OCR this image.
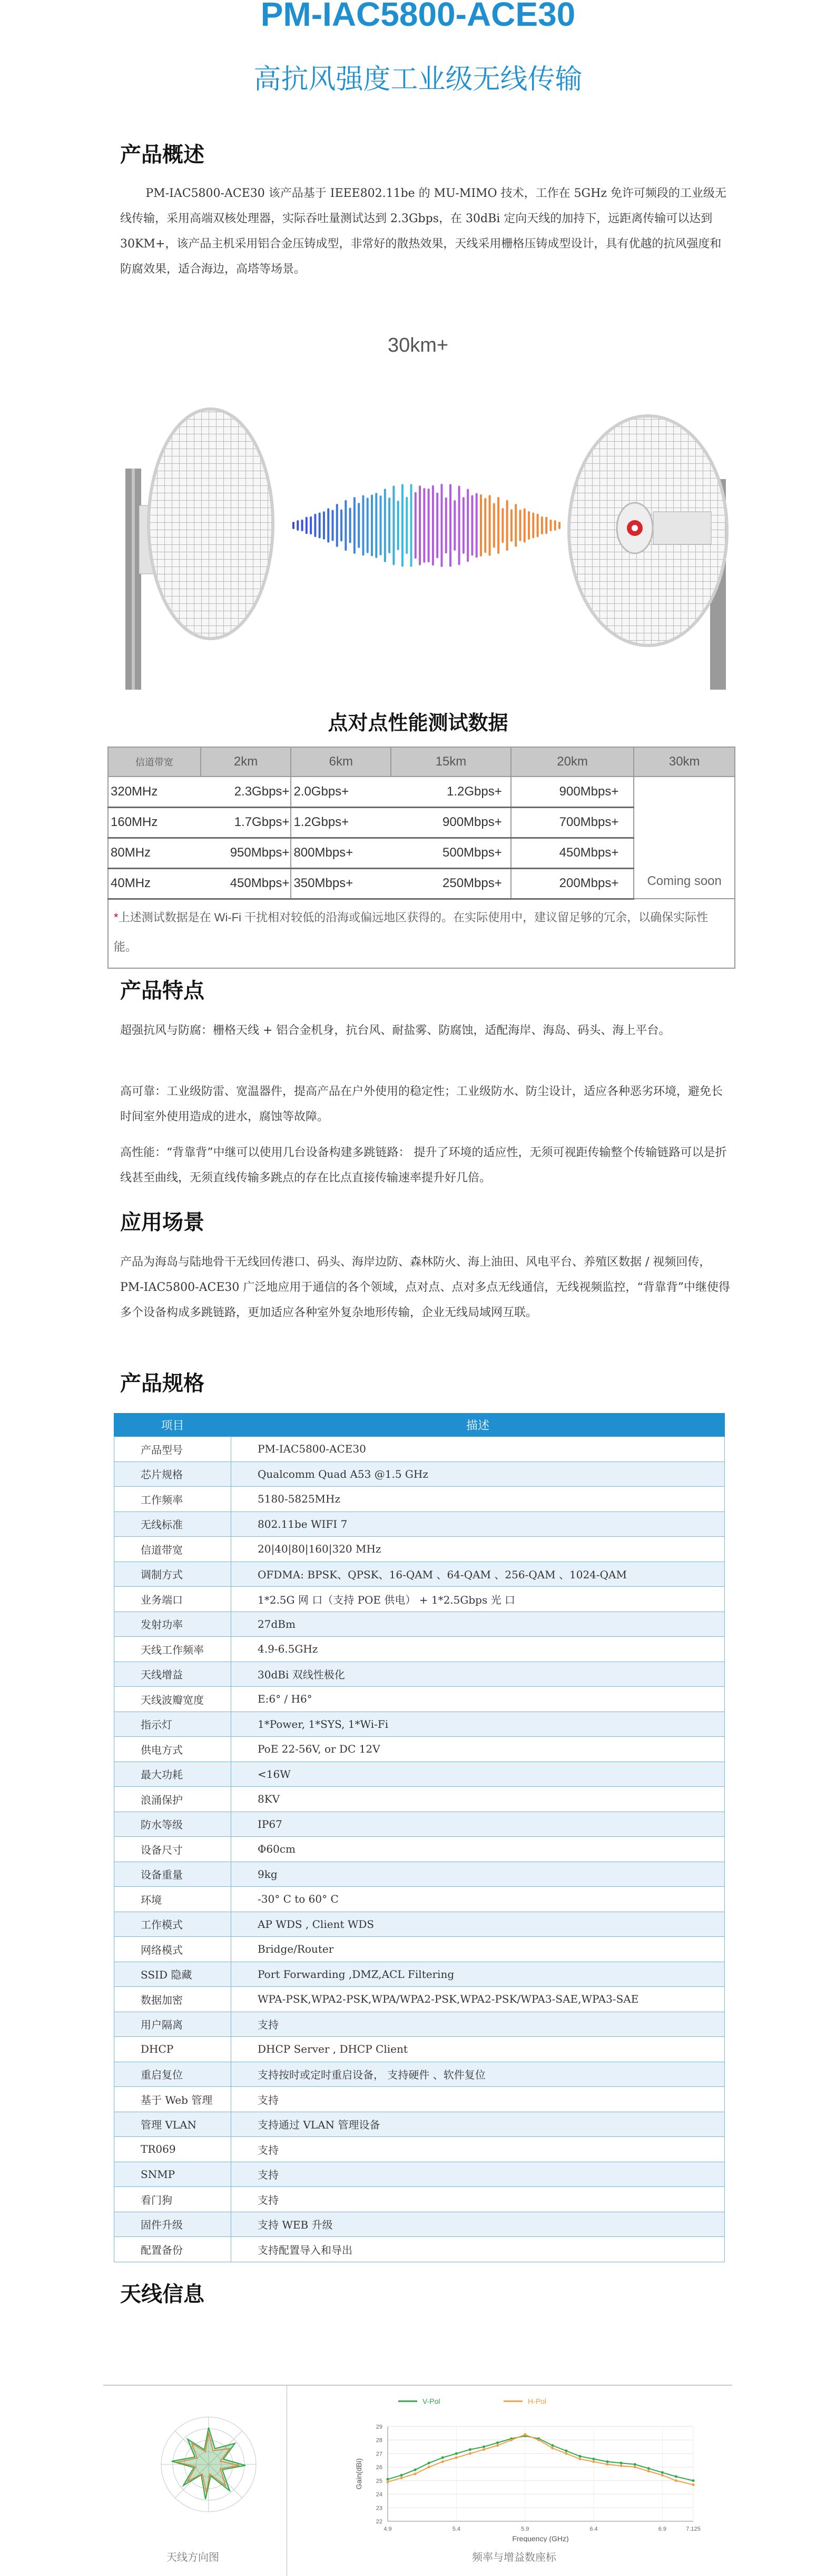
PM-IAC5800-ACE30
高抗风强度工业级无线传输
产品概述
PM-IAC5800-ACE30 该产品基于 IEEE802.11be 的 MU-MIMO 技术，工作在 5GHz 免许可频段的工业级无线传输，采用高端双核处理器，实际吞吐量测试达到 2.3Gbps，在 30dBi 定向天线的加持下，远距离传输可以达到 30KM+，该产品主机采用铝合金压铸成型，非常好的散热效果，天线采用栅格压铸成型设计，具有优越的抗风强度和防腐效果，适合海边，高塔等场景。
30km+
点对点性能测试数据
信道带宽	2km	6km	15km	20km	30km
320MHz	2.3Gbps+	2.0Gbps+	1.2Gbps+	900Mbps+	Coming soon
160MHz	1.7Gbps+	1.2Gbps+	900Mbps+	700Mbps+	
80MHz	950Mbps+	800Mbps+	500Mbps+	450Mbps+	
40MHz	450Mbps+	350Mbps+	250Mbps+	200Mbps+	
*上述测试数据是在 Wi-Fi 干扰相对较低的沿海或偏远地区获得的。在实际使用中，建议留足够的冗余，以确保实际性能。					
产品特点
超强抗风与防腐：栅格天线 + 铝合金机身，抗台风、耐盐雾、防腐蚀，适配海岸、海岛、码头、海上平台。
高可靠：工业级防雷、宽温器件，提高产品在户外使用的稳定性；工业级防水、防尘设计，适应各种恶劣环境，避免长时间室外使用造成的进水，腐蚀等故障。
高性能：“背靠背”中继可以使用几台设备构建多跳链路： 提升了环境的适应性，无须可视距传输整个传输链路可以是折线甚至曲线，无须直线传输多跳点的存在比点直接传输速率提升好几倍。
应用场景
产品为海岛与陆地骨干无线回传港口、码头、海岸边防、森林防火、海上油田、风电平台、养殖区数据 / 视频回传，PM-IAC5800-ACE30 广泛地应用于通信的各个领域，点对点、点对多点无线通信，无线视频监控，“背靠背”中继使得多个设备构成多跳链路，更加适应各种室外复杂地形传输，企业无线局域网互联。
产品规格
项目	描述
产品型号	PM-IAC5800-ACE30
芯片规格	Qualcomm Quad A53 @1.5 GHz
工作频率	5180-5825MHz
无线标准	802.11be WIFI 7
信道带宽	20|40|80|160|320 MHz
调制方式	OFDMA: BPSK、QPSK、16-QAM 、64-QAM 、256-QAM 、1024-QAM
业务端口	1*2.5G 网 口（支持 POE 供电） + 1*2.5Gbps 光 口
发射功率	27dBm
天线工作频率	4.9-6.5GHz
天线增益	30dBi 双线性极化
天线波瓣宽度	E:6° / H6°
指示灯	1*Power, 1*SYS, 1*Wi-Fi
供电方式	PoE 22-56V, or DC 12V
最大功耗	<16W
浪涌保护	8KV
防水等级	IP67
设备尺寸	Φ60cm
设备重量	9kg
环境	-30° C to 60° C
工作模式	AP WDS , Client WDS
网络模式	Bridge/Router
SSID 隐藏	Port Forwarding ,DMZ,ACL Filtering
数据加密	WPA-PSK,WPA2-PSK,WPA/WPA2-PSK,WPA2-PSK/WPA3-SAE,WPA3-SAE
用户隔离	支持
DHCP	DHCP Server , DHCP Client
重启复位	支持按时或定时重启设备， 支持硬件 、软件复位
基于 Web 管理	支持
管理 VLAN	支持通过 VLAN 管理设备
TR069	支持
SNMP	支持
看门狗	支持
固件升级	支持 WEB 升级
配置备份	支持配置导入和导出
天线信息
22
23
24
25
26
27
28
29
4.9	5.4	5.9	6.4	6.9	7.125
Frequency (GHz)
Gain(dBi)
V-Pol	H-Pol
天线方向图	频率与增益数座标
